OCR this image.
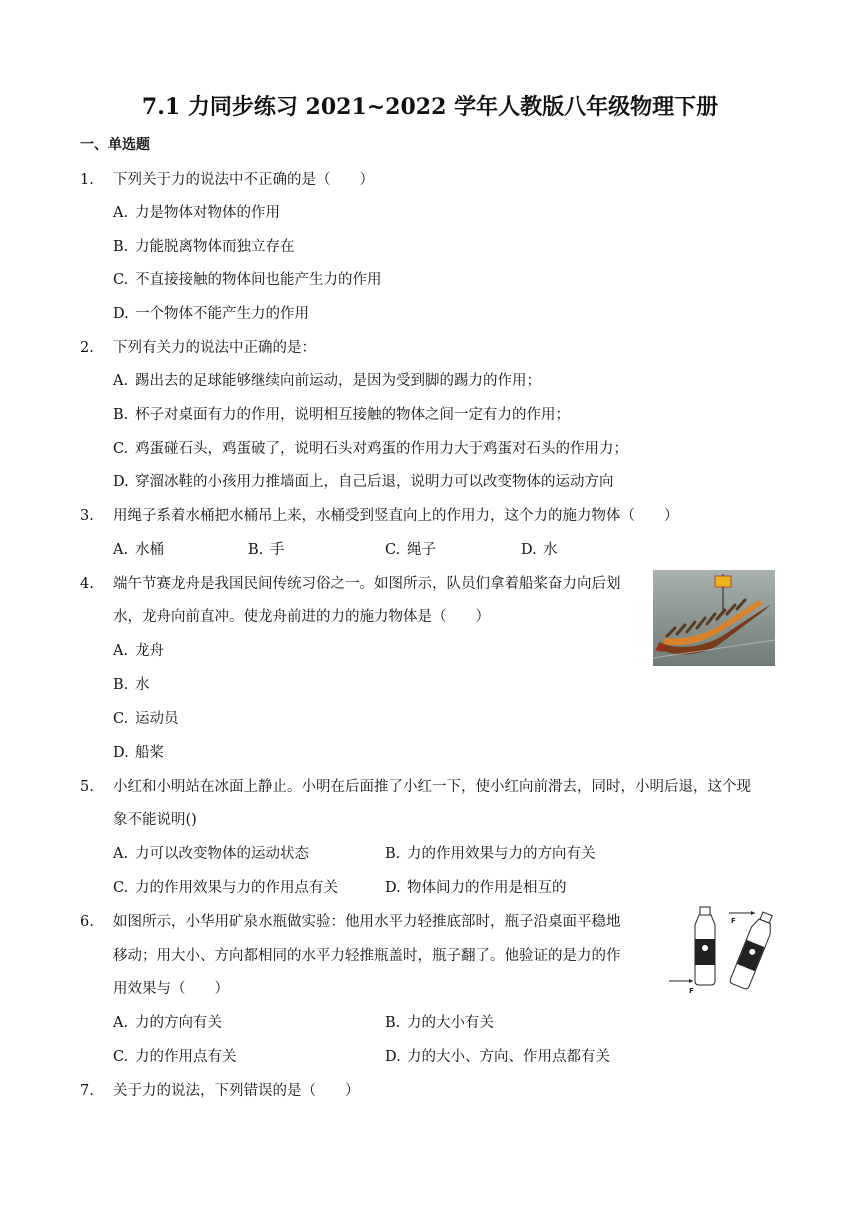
7.1 力同步练习 2021~2022 学年人教版八年级物理下册
一、单选题
1. 下列关于力的说法中不正确的是（　　）
A. 力是物体对物体的作用
B. 力能脱离物体而独立存在
C. 不直接接触的物体间也能产生力的作用
D. 一个物体不能产生力的作用
2. 下列有关力的说法中正确的是：
A. 踢出去的足球能够继续向前运动，是因为受到脚的踢力的作用；
B. 杯子对桌面有力的作用，说明相互接触的物体之间一定有力的作用；
C. 鸡蛋碰石头，鸡蛋破了，说明石头对鸡蛋的作用力大于鸡蛋对石头的作用力；
D. 穿溜冰鞋的小孩用力推墙面上，自己后退，说明力可以改变物体的运动方向
3. 用绳子系着水桶把水桶吊上来，水桶受到竖直向上的作用力，这个力的施力物体（　　）
A. 水桶	B. 手	C. 绳子	D. 水
4. 端午节赛龙舟是我国民间传统习俗之一。如图所示，队员们拿着船桨奋力向后划
水，龙舟向前直冲。使龙舟前进的力的施力物体是（　　）
A. 龙舟
B. 水
C. 运动员
D. 船桨
5. 小红和小明站在冰面上静止。小明在后面推了小红一下，使小红向前滑去，同时，小明后退，这个现
象不能说明()
A. 力可以改变物体的运动状态	B. 力的作用效果与力的方向有关
C. 力的作用效果与力的作用点有关	D. 物体间力的作用是相互的
6. 如图所示，小华用矿泉水瓶做实验：他用水平力轻推底部时，瓶子沿桌面平稳地
移动；用大小、方向都相同的水平力轻推瓶盖时，瓶子翻了。他验证的是力的作
用效果与（　　）
A. 力的方向有关	B. 力的大小有关
C. 力的作用点有关	D. 力的大小、方向、作用点都有关
F
F
7. 关于力的说法，下列错误的是（　　）
